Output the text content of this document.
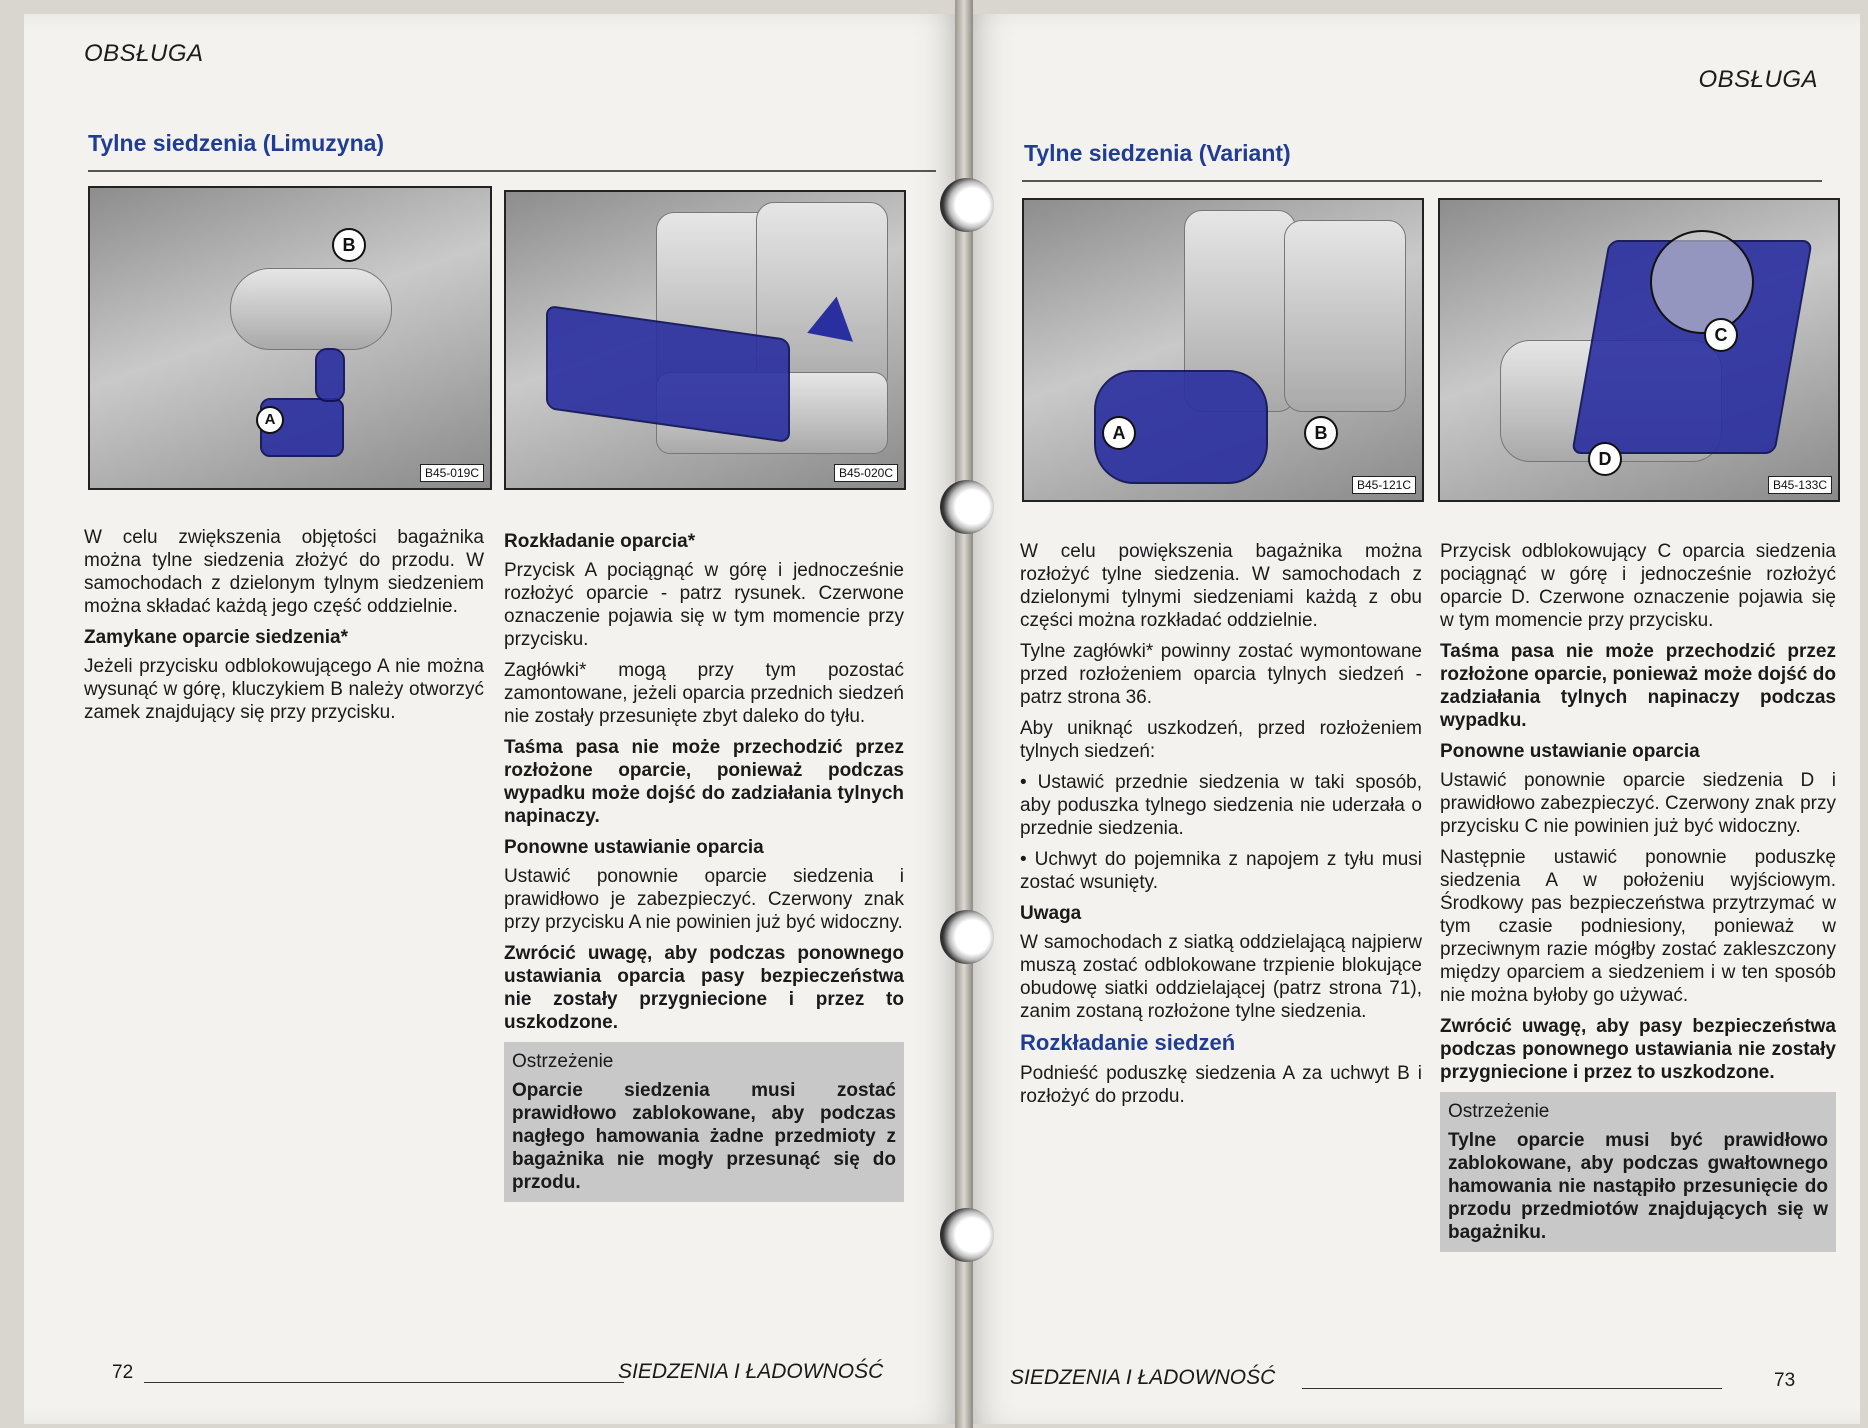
OBSŁUGA
Tylne siedzenia (Limuzyna)
B
A
B45-019C	B45-020C

W celu zwiększenia objętości bagażnika można tylne siedzenia złożyć do przodu. W samochodach z dzielonym tylnym siedzeniem można składać każdą jego część oddzielnie.

Zamykane oparcie siedzenia*

Jeżeli przycisku odblokowującego A nie można wysunąć w górę, kluczykiem B należy otworzyć zamek znajdujący się przy przycisku.

Rozkładanie oparcia*

Przycisk A pociągnąć w górę i jednocześnie rozłożyć oparcie - patrz rysunek. Czerwone oznaczenie pojawia się w tym momencie przy przycisku.

Zagłówki* mogą przy tym pozostać zamontowane, jeżeli oparcia przednich siedzeń nie zostały przesunięte zbyt daleko do tyłu.

Taśma pasa nie może przechodzić przez rozłożone oparcie, ponieważ podczas wypadku może dojść do zadziałania tylnych napinaczy.

Ponowne ustawianie oparcia

Ustawić ponownie oparcie siedzenia i prawidłowo je zabezpieczyć. Czerwony znak przy przycisku A nie powinien już być widoczny.

Zwrócić uwagę, aby podczas ponownego ustawiania oparcia pasy bezpieczeństwa nie zostały przygniecione i przez to uszkodzone.

Ostrzeżenie
Oparcie siedzenia musi zostać prawidłowo zablokowane, aby podczas nagłego hamowania żadne przedmioty z bagażnika nie mogły przesunąć się do przodu.
72	SIEDZENIA I ŁADOWNOŚĆ
OBSŁUGA
Tylne siedzenia (Variant)
A	B
B45-121C
C
D
B45-133C

W celu powiększenia bagażnika można rozłożyć tylne siedzenia. W samochodach z dzielonymi tylnymi siedzeniami każdą z obu części można rozkładać oddzielnie.

Tylne zagłówki* powinny zostać wymontowane przed rozłożeniem oparcia tylnych siedzeń - patrz strona 36.

Aby uniknąć uszkodzeń, przed rozłożeniem tylnych siedzeń:

• Ustawić przednie siedzenia w taki sposób, aby poduszka tylnego siedzenia nie uderzała o przednie siedzenia.

• Uchwyt do pojemnika z napojem z tyłu musi zostać wsunięty.

Uwaga

W samochodach z siatką oddzielającą najpierw muszą zostać odblokowane trzpienie blokujące obudowę siatki oddzielającej (patrz strona 71), zanim zostaną rozłożone tylne siedzenia.

Rozkładanie siedzeń

Podnieść poduszkę siedzenia A za uchwyt B i rozłożyć do przodu.

Przycisk odblokowujący C oparcia siedzenia pociągnąć w górę i jednocześnie rozłożyć oparcie D. Czerwone oznaczenie pojawia się w tym momencie przy przycisku.

Taśma pasa nie może przechodzić przez rozłożone oparcie, ponieważ może dojść do zadziałania tylnych napinaczy podczas wypadku.

Ponowne ustawianie oparcia

Ustawić ponownie oparcie siedzenia D i prawidłowo zabezpieczyć. Czerwony znak przy przycisku C nie powinien już być widoczny.

Następnie ustawić ponownie poduszkę siedzenia A w położeniu wyjściowym. Środkowy pas bezpieczeństwa przytrzymać w tym czasie podniesiony, ponieważ w przeciwnym razie mógłby zostać zakleszczony między oparciem a siedzeniem i w ten sposób nie można byłoby go używać.

Zwrócić uwagę, aby pasy bezpieczeństwa podczas ponownego ustawiania nie zostały przygniecione i przez to uszkodzone.

Ostrzeżenie
Tylne oparcie musi być prawidłowo zablokowane, aby podczas gwałtownego hamowania nie nastąpiło przesunięcie do przodu przedmiotów znajdujących się w bagażniku.
SIEDZENIA I ŁADOWNOŚĆ	73
